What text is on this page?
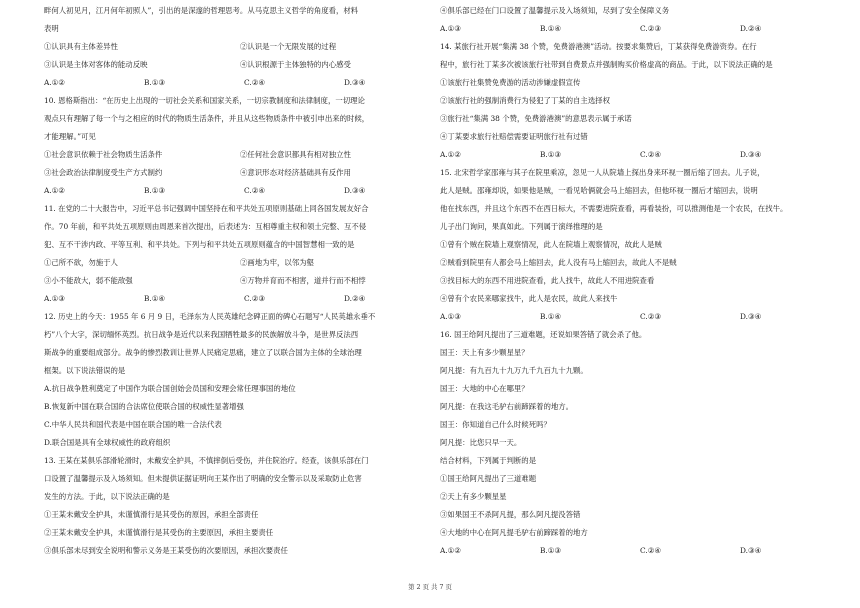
畔何人初见月，江月何年初照人”，引出的是深邃的哲理思考。从马克思主义哲学的角度看，材料
表明
①认识具有主体差异性	②认识是一个无限发展的过程
③认识是主体对客体的能动反映	④认识根源于主体独特的内心感受
A.①②	B.①③	C.②④	D.③④
10. 恩格斯指出：“在历史上出现的一切社会关系和国家关系，一切宗教制度和法律制度，一切理论
观点只有理解了每一个与之相应的时代的物质生活条件，并且从这些物质条件中被引申出来的时候，
才能理解。”可见
①社会意识依赖于社会物质生活条件	②任何社会意识都具有相对独立性
③社会政治法律制度受生产方式制约	④意识形态对经济基础具有反作用
A.①②	B.①③	C.②④	D.③④
11. 在党的二十大报告中，习近平总书记强调中国坚持在和平共处五项原则基础上同各国发展友好合
作。70 年前，和平共处五项原则由周恩来首次提出，后表述为：互相尊重主权和领土完整、互不侵
犯、互不干涉内政、平等互利、和平共处。下列与和平共处五项原则蕴含的中国智慧相一致的是
①己所不欲，勿施于人	②画地为牢，以邻为壑
③小不能敌大，弱不能敌强	④万物并育而不相害，道并行而不相悖
A.①③	B.①④	C.②③	D.②④
12. 历史上的今天：1955 年 6 月 9 日，毛泽东为人民英雄纪念碑正面的碑心石题写“人民英雄永垂不
朽”八个大字，深切缅怀英烈。抗日战争是近代以来我国牺牲最多的民族解放斗争，是世界反法西
斯战争的重要组成部分。战争的惨烈教训让世界人民痛定思痛，建立了以联合国为主体的全球治理
框架。以下说法错误的是
A.抗日战争胜利奠定了中国作为联合国创始会员国和安理会常任理事国的地位
B.恢复新中国在联合国的合法席位使联合国的权威性显著增强
C.中华人民共和国代表是中国在联合国的唯一合法代表
D.联合国是具有全球权威性的政府组织
13. 王某在某俱乐部滑轮滑时，未戴安全护具，不慎摔倒后受伤，并住院治疗。经查，该俱乐部在门
口设置了温馨提示及入场须知。但未提供证据证明向王某作出了明确的安全警示以及采取防止危害
发生的方法。于此，以下说法正确的是
①王某未戴安全护具，未谨慎滑行是其受伤的原因，承担全部责任
②王某未戴安全护具，未谨慎滑行是其受伤的主要原因，承担主要责任
③俱乐部未尽到安全说明和警示义务是王某受伤的次要原因，承担次要责任
④俱乐部已经在门口设置了温馨提示及入场须知，尽到了安全保障义务
A.①③	B.①④	C.②③	D.②④
14. 某旅行社开展“集满 38 个赞，免费游港澳”活动。按要求集赞后，丁某获得免费游资券。在行
程中，旅行社丁某多次被该旅行社带到自费景点并强制购买价格虚高的商品。于此，以下说法正确的是
①该旅行社集赞免费游的活动涉嫌虚假宣传
②该旅行社的强制消费行为侵犯了丁某的自主选择权
③旅行社“集满 38 个赞，免费游港澳”的意思表示属于承诺
④丁某要求旅行社赔偿需要证明旅行社有过错
A.①②	B.①③	C.②④	D.③④
15. 北宋哲学家邵雍与其子在院里乘凉，忽见一人从院墙上探出身来环视一圈后缩了回去。儿子说，
此人是贼。邵雍却说，如果他是贼，一看见哈俩就会马上缩回去，但他环视一圈后才缩回去，说明
他在找东西，并且这个东西不在西日标大，不需要进院查看，再看装扮，可以推测他是一个农民，在找牛。
儿子出门询问，果真如此。下列属于演绎推理的是
①曾有个贼在院墙上观察情况，此人在院墙上观察情况，故此人是贼
②贼看到院里有人都会马上缩回去，此人没有马上缩回去，故此人不是贼
③找目标大的东西不用进院查看，此人找牛，故此人不用进院查看
④曾有个农民来哪家找牛，此人是农民，故此人来找牛
A.①③	B.①④	C.②③	D.③④
16. 国王给阿凡提出了三道难题，还说如果答错了就会杀了他。
国王：天上有多少颗星星？
阿凡提：有九百九十九万九千九百九十九颗。
国王：大地的中心在哪里？
阿凡提：在我这毛驴右前蹄踩着的地方。
国王：你知道自己什么时候死吗？
阿凡提：比您只早一天。
结合材料，下列属于判断的是
①国王给阿凡提出了三道难题
②天上有多少颗星星
③如果国王不杀阿凡提，那么阿凡提没答错
④大地的中心在阿凡提毛驴右前蹄踩着的地方
A.①②	B.①③	C.②④	D.③④
第 2 页 共 7 页
